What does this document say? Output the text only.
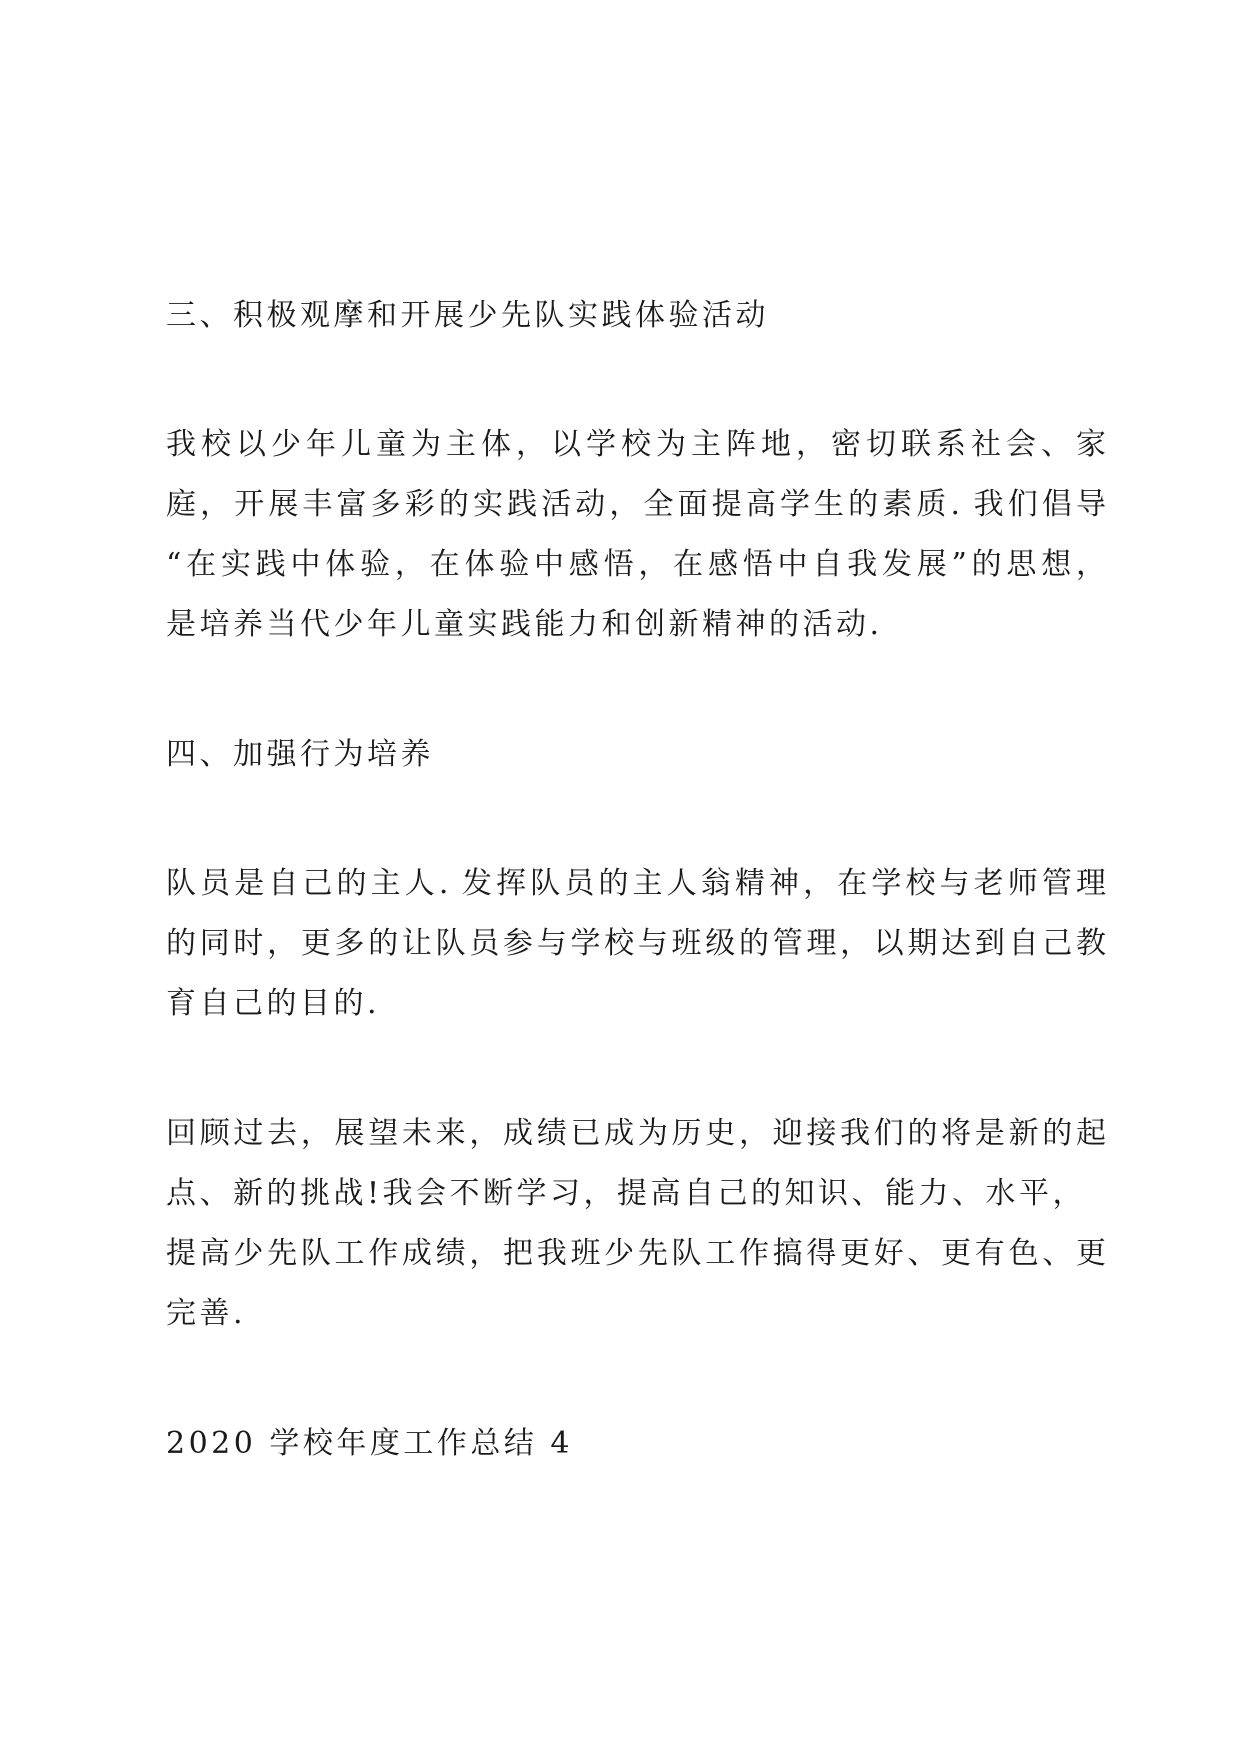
三、积极观摩和开展少先队实践体验活动
我校以少年儿童为主体，以学校为主阵地，密切联系社会、家
庭，开展丰富多彩的实践活动，全面提高学生的素质. 我们倡导
“在实践中体验，在体验中感悟，在感悟中自我发展”的思想，
是培养当代少年儿童实践能力和创新精神的活动.
四、加强行为培养
队员是自己的主人. 发挥队员的主人翁精神，在学校与老师管理
的同时，更多的让队员参与学校与班级的管理，以期达到自己教
育自己的目的.
回顾过去，展望未来，成绩已成为历史，迎接我们的将是新的起
点、新的挑战!我会不断学习，提高自己的知识、能力、水平，
提高少先队工作成绩，把我班少先队工作搞得更好、更有色、更
完善.
2020 学校年度工作总结 4
